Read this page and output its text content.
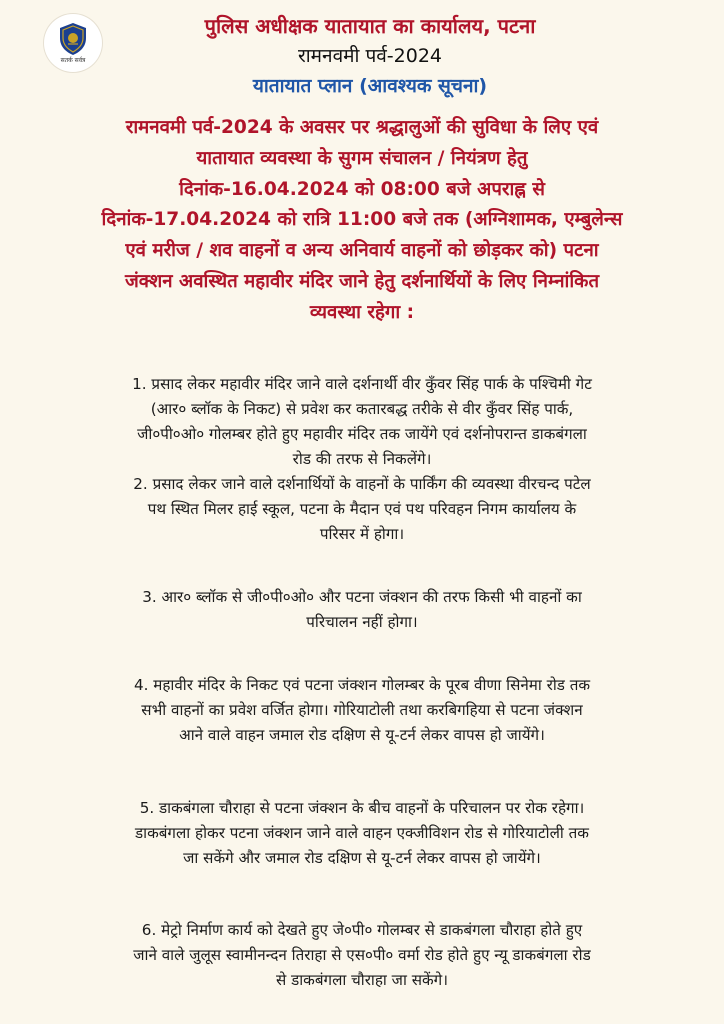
सतर्क सर्वत्र
पुलिस अधीक्षक यातायात का कार्यालय, पटना
रामनवमी पर्व-2024
यातायात प्लान (आवश्यक सूचना)
रामनवमी पर्व-2024 के अवसर पर श्रद्धालुओं की सुविधा के लिए एवं
यातायात व्यवस्था के सुगम संचालन / नियंत्रण हेतु
दिनांक-16.04.2024 को 08:00 बजे अपराह्न से
दिनांक-17.04.2024 को रात्रि 11:00 बजे तक (अग्निशामक, एम्बुलेन्स
एवं मरीज / शव वाहनों व अन्य अनिवार्य वाहनों को छोड़कर को) पटना
जंक्शन अवस्थित महावीर मंदिर जाने हेतु दर्शनार्थियों के लिए निम्नांकित
व्यवस्था रहेगा :
1. प्रसाद लेकर महावीर मंदिर जाने वाले दर्शनार्थी वीर कुँवर सिंह पार्क के पश्चिमी गेट
(आर० ब्लॉक के निकट) से प्रवेश कर कतारबद्ध तरीके से वीर कुँवर सिंह पार्क,
जी०पी०ओ० गोलम्बर होते हुए महावीर मंदिर तक जायेंगे एवं दर्शनोपरान्त डाकबंगला
रोड की तरफ से निकलेंगे।
2. प्रसाद लेकर जाने वाले दर्शनार्थियों के वाहनों के पार्किंग की व्यवस्था वीरचन्द पटेल
पथ स्थित मिलर हाई स्कूल, पटना के मैदान एवं पथ परिवहन निगम कार्यालय के
परिसर में होगा।
3. आर० ब्लॉक से जी०पी०ओ० और पटना जंक्शन की तरफ किसी भी वाहनों का
परिचालन नहीं होगा।
4. महावीर मंदिर के निकट एवं पटना जंक्शन गोलम्बर के पूरब वीणा सिनेमा रोड तक
सभी वाहनों का प्रवेश वर्जित होगा। गोरियाटोली तथा करबिगहिया से पटना जंक्शन
आने वाले वाहन जमाल रोड दक्षिण से यू-टर्न लेकर वापस हो जायेंगे।
5. डाकबंगला चौराहा से पटना जंक्शन के बीच वाहनों के परिचालन पर रोक रहेगा।
डाकबंगला होकर पटना जंक्शन जाने वाले वाहन एक्जीविशन रोड से गोरियाटोली तक
जा सकेंगे और जमाल रोड दक्षिण से यू-टर्न लेकर वापस हो जायेंगे।
6. मेट्रो निर्माण कार्य को देखते हुए जे०पी० गोलम्बर से डाकबंगला चौराहा होते हुए
जाने वाले जुलूस स्वामीनन्दन तिराहा से एस०पी० वर्मा रोड होते हुए न्यू डाकबंगला रोड
से डाकबंगला चौराहा जा सकेंगे।
